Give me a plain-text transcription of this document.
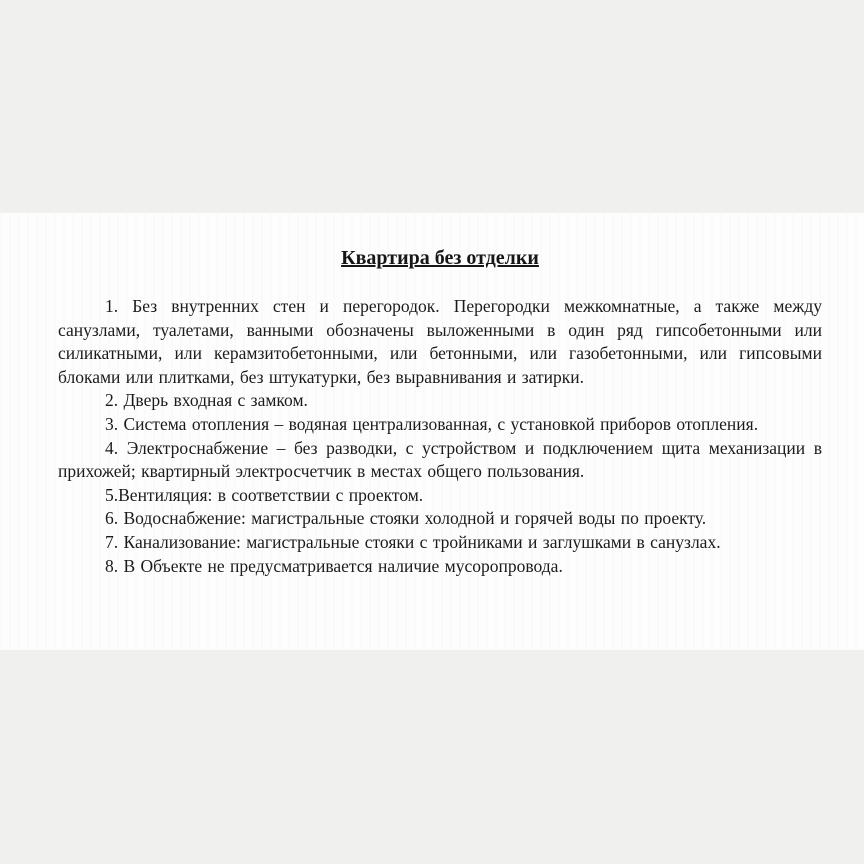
Квартира без отделки

1. Без внутренних стен и перегородок. Перегородки межкомнатные, а также между санузлами, туалетами, ванными обозначены выложенными в один ряд гипсобетонными или силикатными, или керамзитобетонными, или бетонными, или газобетонными, или гипсовыми блоками или плитками, без штукатурки, без выравнивания и затирки.

2. Дверь входная с замком.

3. Система отопления – водяная централизованная, с установкой приборов отопления.

4. Электроснабжение – без разводки, с устройством и подключением щита механизации в прихожей; квартирный электросчетчик в местах общего пользования.

5.Вентиляция: в соответствии с проектом.

6. Водоснабжение: магистральные стояки холодной и горячей воды по проекту.

7. Канализование: магистральные стояки с тройниками и заглушками в санузлах.

8. В Объекте не предусматривается наличие мусоропровода.
